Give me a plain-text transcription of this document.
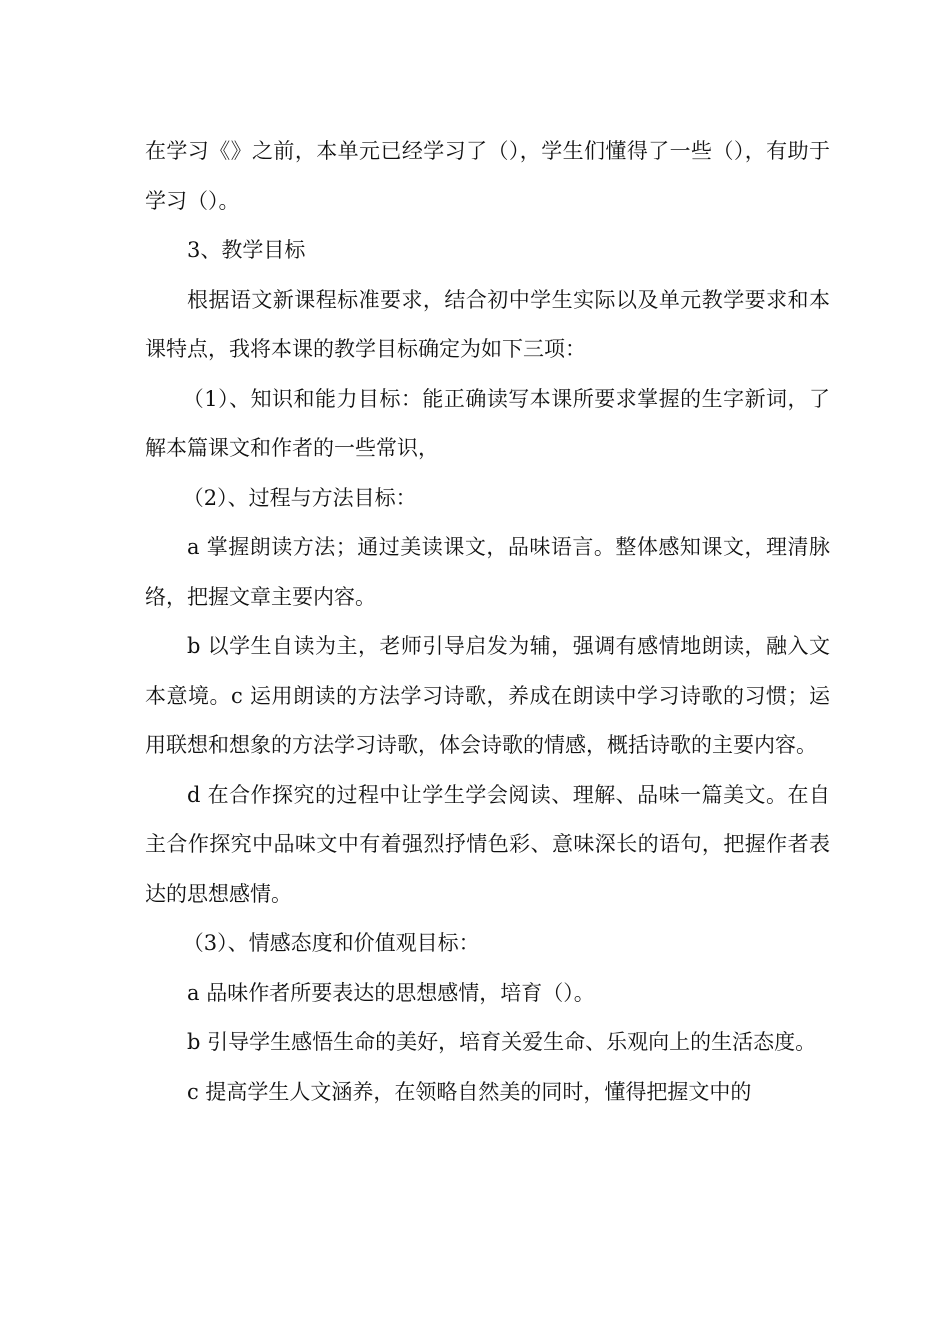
在学习《》之前，本单元已经学习了（），学生们懂得了一些（），有助于学习（）。

3、教学目标

根据语文新课程标准要求，结合初中学生实际以及单元教学要求和本课特点，我将本课的教学目标确定为如下三项：

（1）、知识和能力目标：能正确读写本课所要求掌握的生字新词，了解本篇课文和作者的一些常识，

（2）、过程与方法目标：

a 掌握朗读方法；通过美读课文，品味语言。整体感知课文，理清脉络，把握文章主要内容。

b 以学生自读为主，老师引导启发为辅，强调有感情地朗读，融入文本意境。c 运用朗读的方法学习诗歌，养成在朗读中学习诗歌的习惯；运用联想和想象的方法学习诗歌，体会诗歌的情感，概括诗歌的主要内容。

d 在合作探究的过程中让学生学会阅读、理解、品味一篇美文。在自主合作探究中品味文中有着强烈抒情色彩、意味深长的语句，把握作者表达的思想感情。

（3）、情感态度和价值观目标：

a 品味作者所要表达的思想感情，培育（）。

b 引导学生感悟生命的美好，培育关爱生命、乐观向上的生活态度。

c 提高学生人文涵养，在领略自然美的同时，懂得把握文中的
